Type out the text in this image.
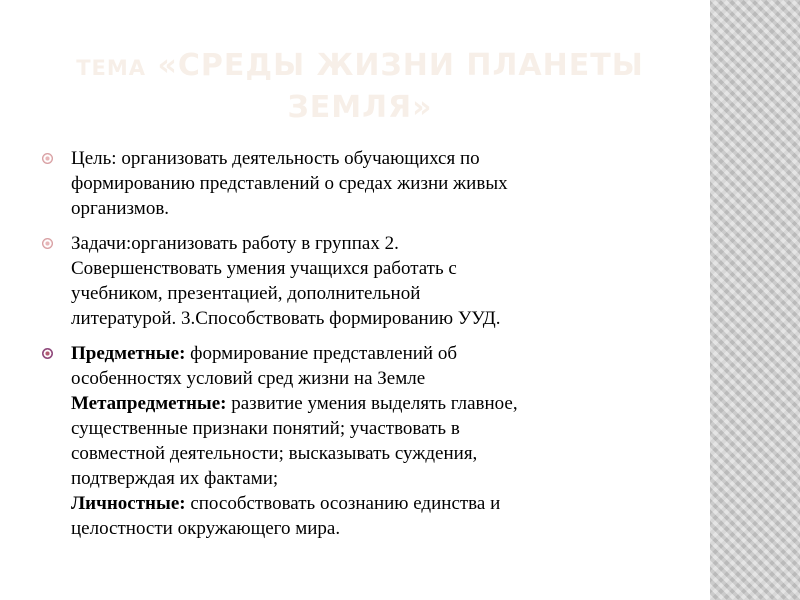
ТЕМА «СРЕДЫ ЖИЗНИ ПЛАНЕТЫ
ЗЕМЛЯ»
Цель: организовать деятельность обучающихся по
формированию представлений о средах жизни живых
организмов.
Задачи:организовать работу в группах 2.
Совершенствовать умения учащихся работать с
учебником, презентацией, дополнительной
литературой. 3.Способствовать формированию УУД.
Предметные: формирование представлений об
особенностях условий сред жизни на Земле
Метапредметные: развитие умения выделять главное,
существенные признаки понятий; участвовать в
совместной деятельности; высказывать суждения,
подтверждая их фактами;
Личностные: способствовать осознанию единства и
целостности окружающего мира.
